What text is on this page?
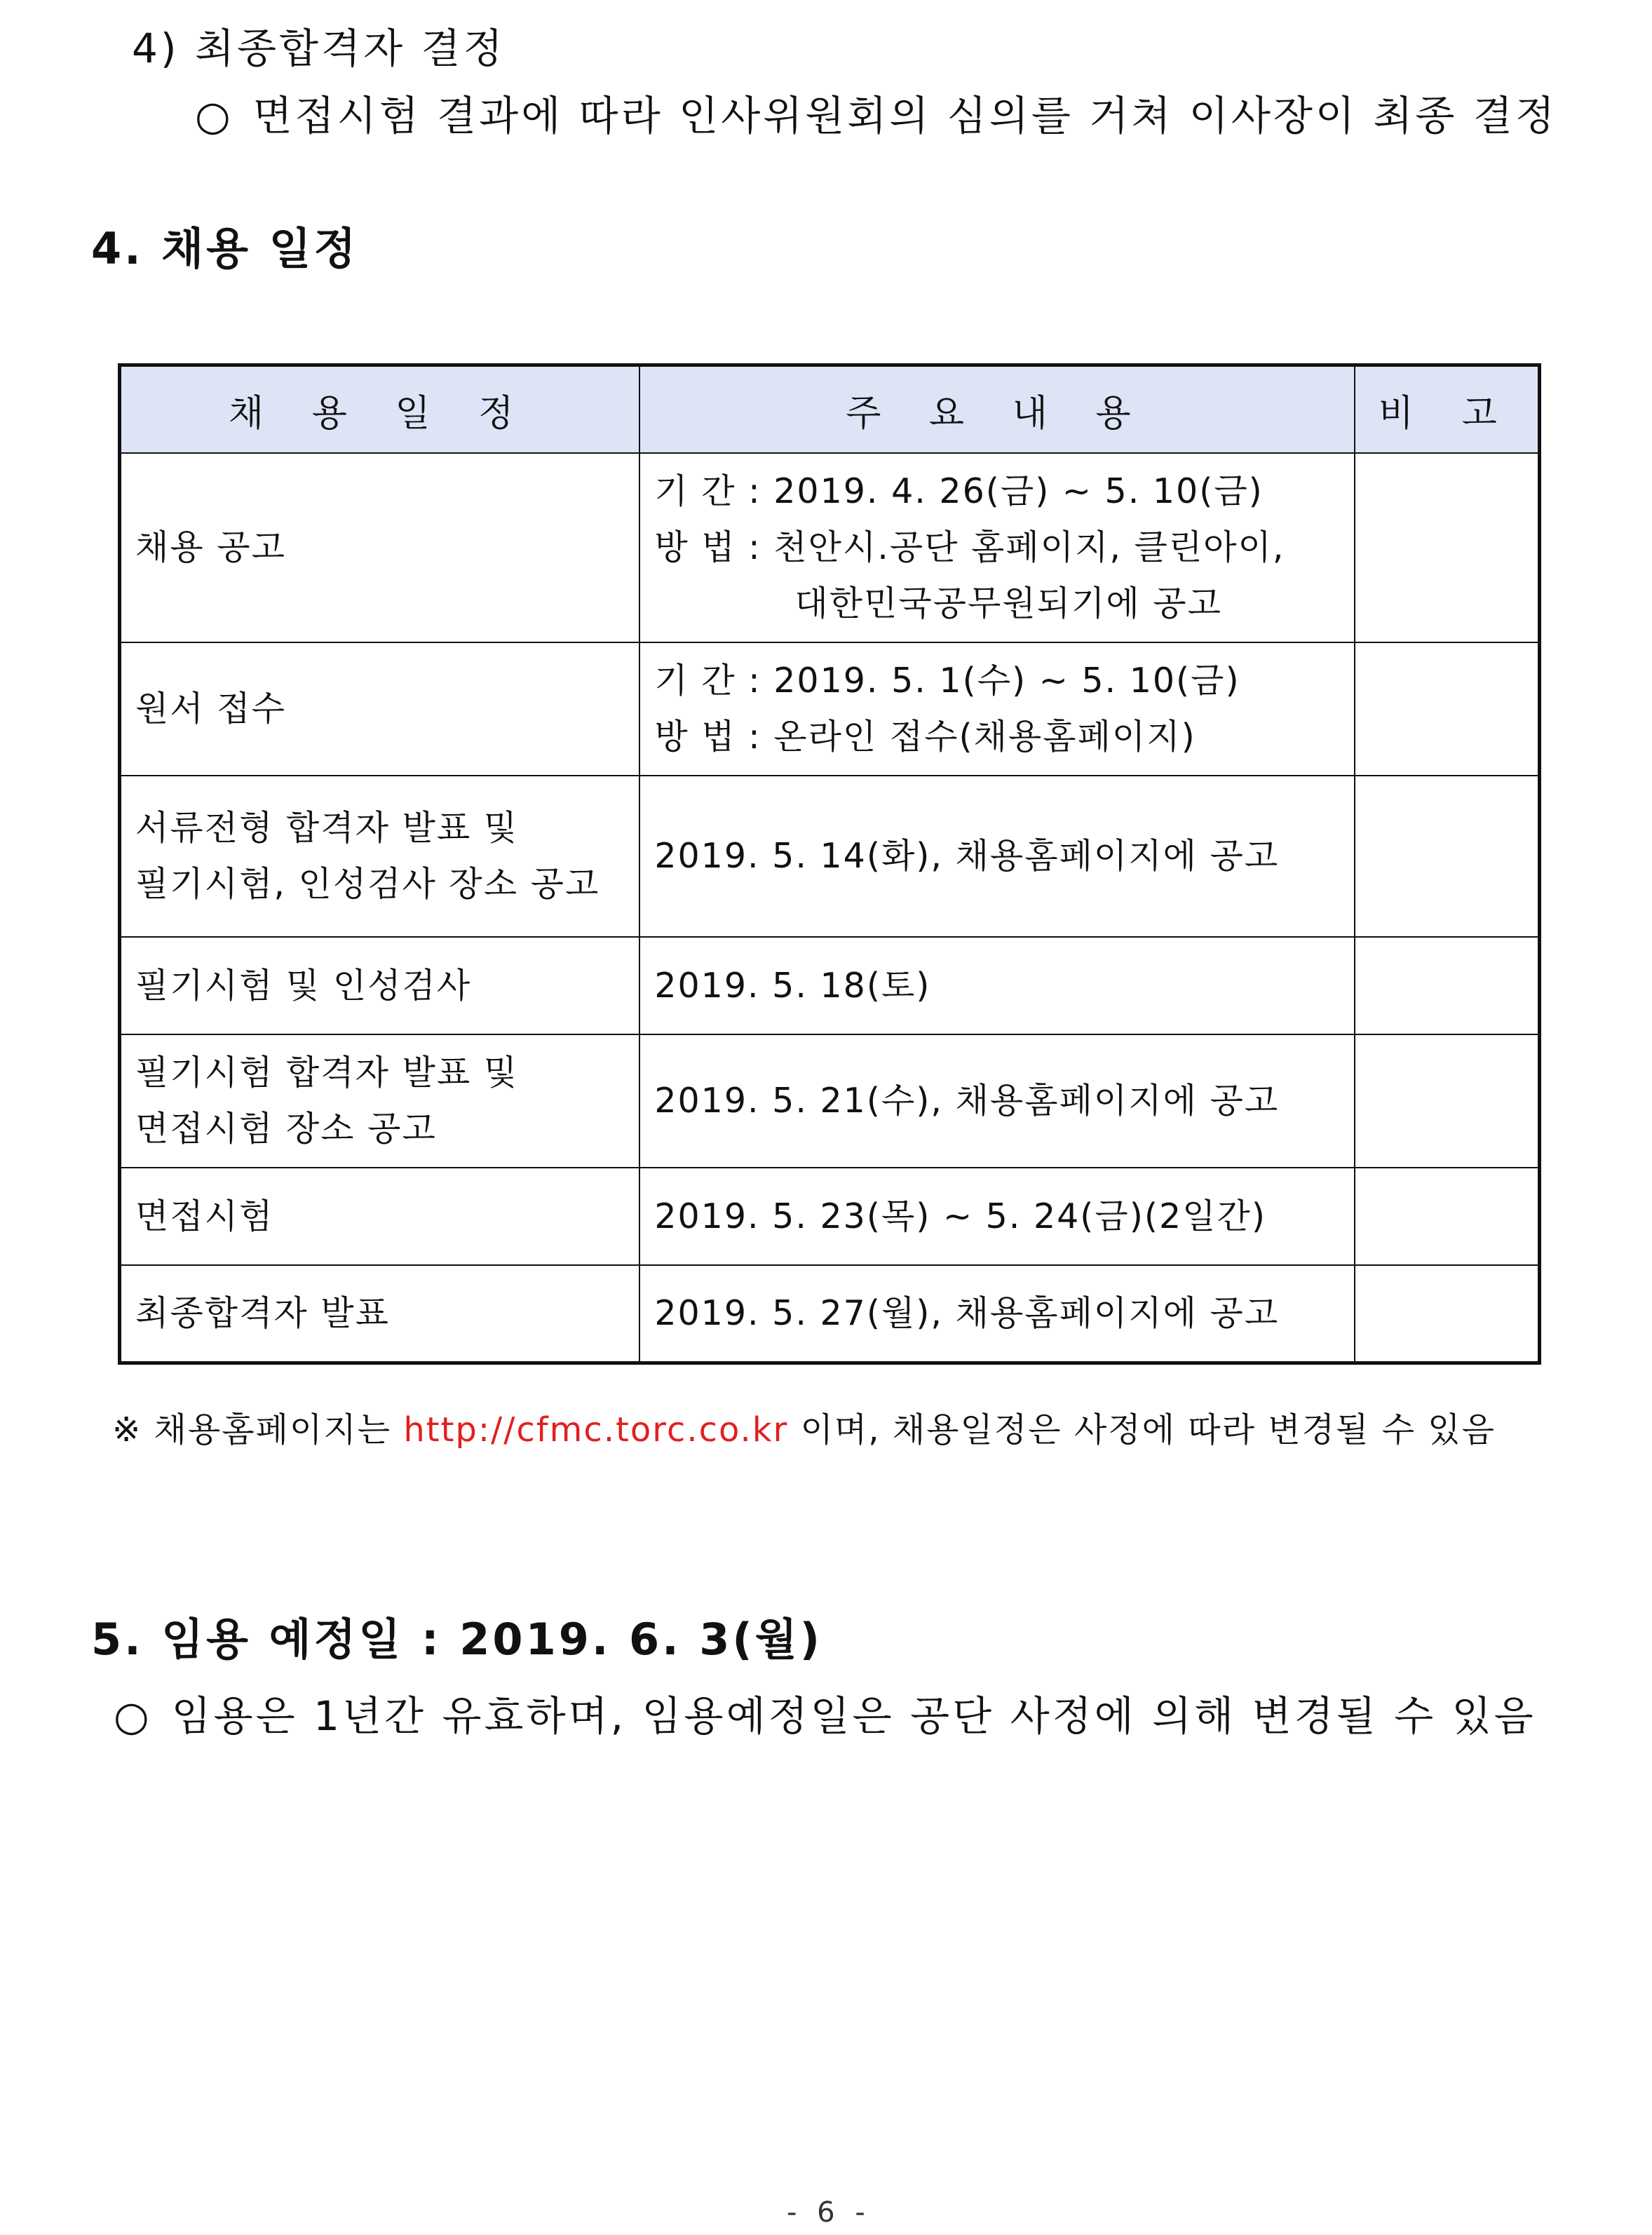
4) 최종합격자 결정
○ 면접시험 결과에 따라 인사위원회의 심의를 거쳐 이사장이 최종 결정
4. 채용 일정
채 용 일 정	주 요 내 용	비 고

채용 공고	기 간 : 2019. 4. 26(금) ~ 5. 10(금)
방 법 : 천안시.공단 홈페이지, 클린아이,
대한민국공무원되기에 공고	

원서 접수	기 간 : 2019. 5. 1(수) ~ 5. 10(금)
방 법 : 온라인 접수(채용홈페이지)	

서류전형 합격자 발표 및
필기시험, 인성검사 장소 공고	2019. 5. 14(화), 채용홈페이지에 공고	

필기시험 및 인성검사	2019. 5. 18(토)	

필기시험 합격자 발표 및
면접시험 장소 공고	2019. 5. 21(수), 채용홈페이지에 공고	

면접시험	2019. 5. 23(목) ~ 5. 24(금)(2일간)	

최종합격자 발표	2019. 5. 27(월), 채용홈페이지에 공고	

※ 채용홈페이지는 http://cfmc.torc.co.kr 이며, 채용일정은 사정에 따라 변경될 수 있음
5. 임용 예정일 : 2019. 6. 3(월)
○ 임용은 1년간 유효하며, 임용예정일은 공단 사정에 의해 변경될 수 있음
- 6 -
